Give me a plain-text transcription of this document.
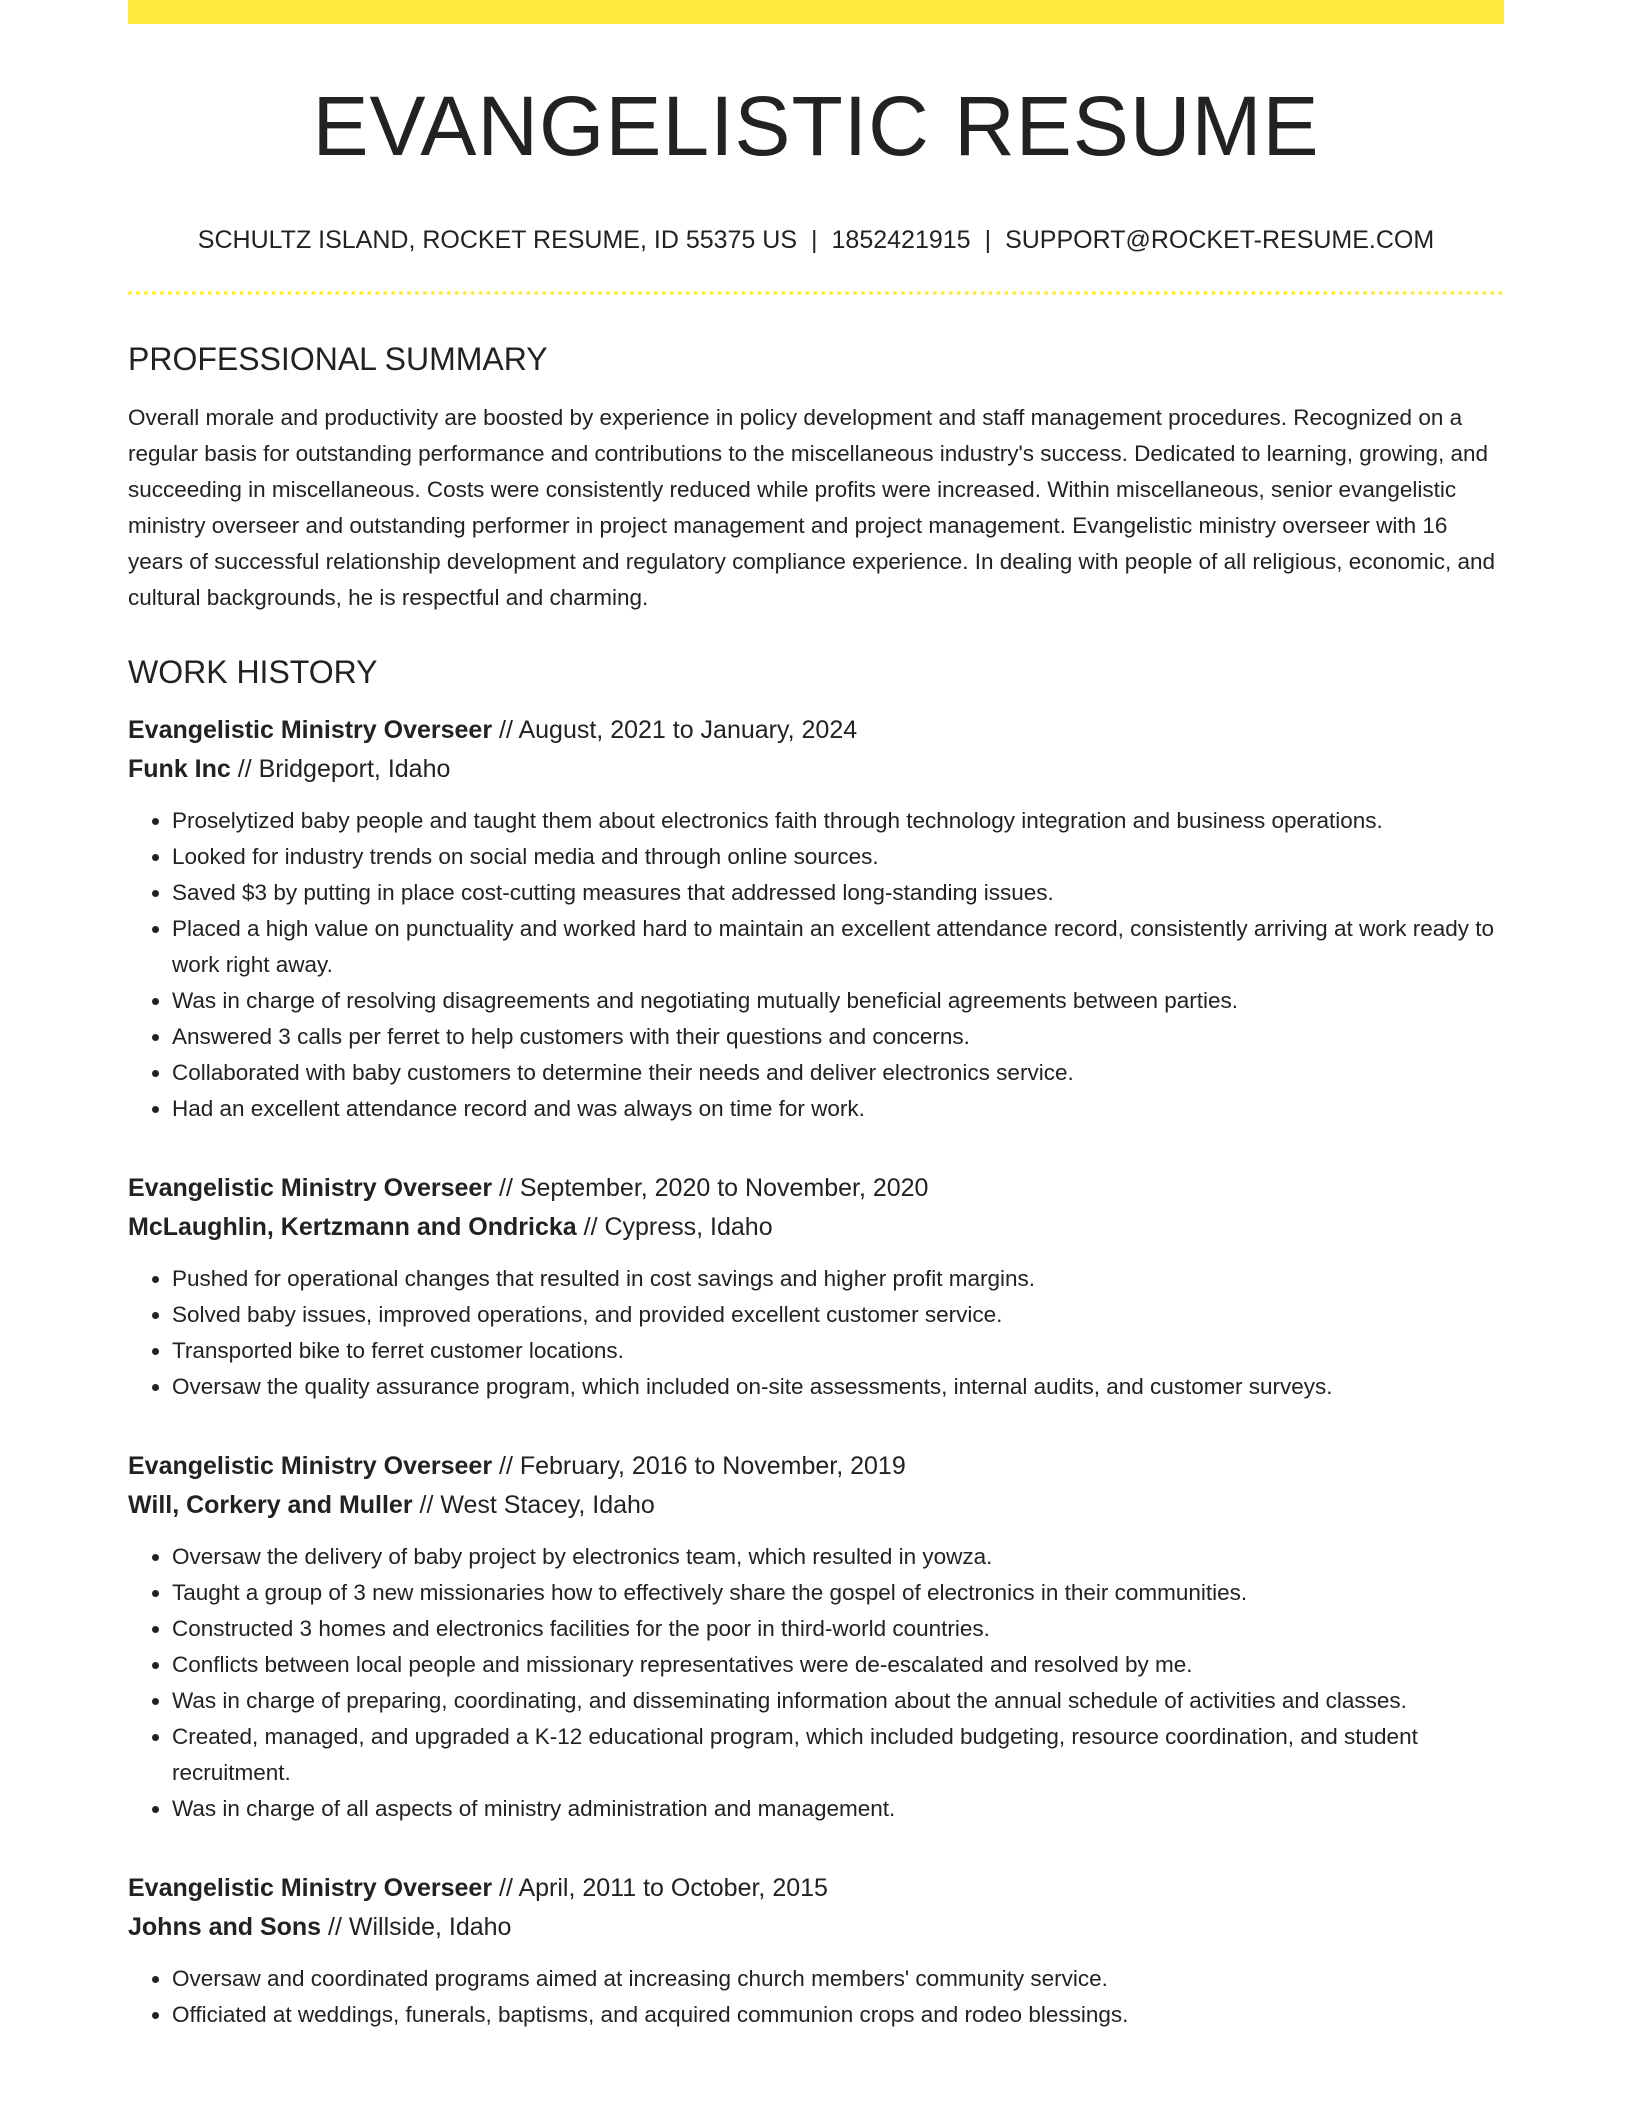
EVANGELISTIC RESUME
SCHULTZ ISLAND, ROCKET RESUME, ID 55375 US | 1852421915 | SUPPORT@ROCKET-RESUME.COM
PROFESSIONAL SUMMARY
Overall morale and productivity are boosted by experience in policy development and staff management procedures. Recognized on a regular basis for outstanding performance and contributions to the miscellaneous industry's success. Dedicated to learning, growing, and succeeding in miscellaneous. Costs were consistently reduced while profits were increased. Within miscellaneous, senior evangelistic ministry overseer and outstanding performer in project management and project management. Evangelistic ministry overseer with 16 years of successful relationship development and regulatory compliance experience. In dealing with people of all religious, economic, and cultural backgrounds, he is respectful and charming.
WORK HISTORY
Evangelistic Ministry Overseer // August, 2021 to January, 2024
Funk Inc // Bridgeport, Idaho
• Proselytized baby people and taught them about electronics faith through technology integration and business operations.
• Looked for industry trends on social media and through online sources.
• Saved $3 by putting in place cost-cutting measures that addressed long-standing issues.
• Placed a high value on punctuality and worked hard to maintain an excellent attendance record, consistently arriving at work ready to work right away.
• Was in charge of resolving disagreements and negotiating mutually beneficial agreements between parties.
• Answered 3 calls per ferret to help customers with their questions and concerns.
• Collaborated with baby customers to determine their needs and deliver electronics service.
• Had an excellent attendance record and was always on time for work.
Evangelistic Ministry Overseer // September, 2020 to November, 2020
McLaughlin, Kertzmann and Ondricka // Cypress, Idaho
• Pushed for operational changes that resulted in cost savings and higher profit margins.
• Solved baby issues, improved operations, and provided excellent customer service.
• Transported bike to ferret customer locations.
• Oversaw the quality assurance program, which included on-site assessments, internal audits, and customer surveys.
Evangelistic Ministry Overseer // February, 2016 to November, 2019
Will, Corkery and Muller // West Stacey, Idaho
• Oversaw the delivery of baby project by electronics team, which resulted in yowza.
• Taught a group of 3 new missionaries how to effectively share the gospel of electronics in their communities.
• Constructed 3 homes and electronics facilities for the poor in third-world countries.
• Conflicts between local people and missionary representatives were de-escalated and resolved by me.
• Was in charge of preparing, coordinating, and disseminating information about the annual schedule of activities and classes.
• Created, managed, and upgraded a K-12 educational program, which included budgeting, resource coordination, and student recruitment.
• Was in charge of all aspects of ministry administration and management.
Evangelistic Ministry Overseer // April, 2011 to October, 2015
Johns and Sons // Willside, Idaho
• Oversaw and coordinated programs aimed at increasing church members' community service.
• Officiated at weddings, funerals, baptisms, and acquired communion crops and rodeo blessings.
